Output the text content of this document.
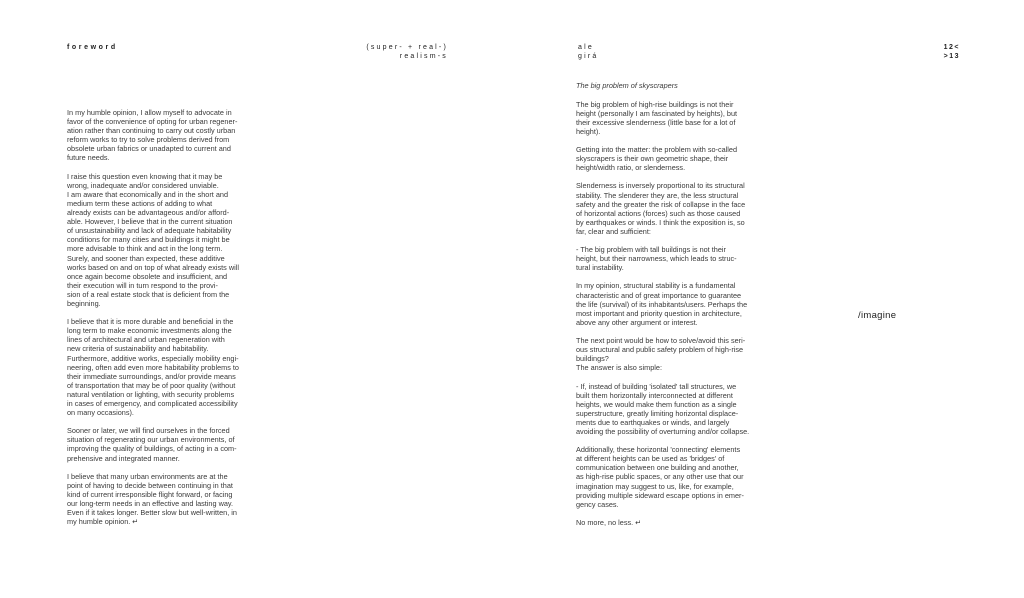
foreword	(super- + real-)
realism-s
ale
girá
12<
>13

In my humble opinion, I allow myself to advocate in
favor of the convenience of opting for urban regener-
ation rather than continuing to carry out costly urban
reform works to try to solve problems derived from
obsolete urban fabrics or unadapted to current and
future needs.

I raise this question even knowing that it may be
wrong, inadequate and/or considered unviable.
I am aware that economically and in the short and
medium term these actions of adding to what
already exists can be advantageous and/or afford-
able. However, I believe that in the current situation
of unsustainability and lack of adequate habitability
conditions for many cities and buildings it might be
more advisable to think and act in the long term.
Surely, and sooner than expected, these additive
works based on and on top of what already exists will
once again become obsolete and insufficient, and
their execution will in turn respond to the provi-
sion of a real estate stock that is deficient from the
beginning.

I believe that it is more durable and beneficial in the
long term to make economic investments along the
lines of architectural and urban regeneration with
new criteria of sustainability and habitability.
Furthermore, additive works, especially mobility engi-
neering, often add even more habitability problems to
their immediate surroundings, and/or provide means
of transportation that may be of poor quality (without
natural ventilation or lighting, with security problems
in cases of emergency, and complicated accessibility
on many occasions).

Sooner or later, we will find ourselves in the forced
situation of regenerating our urban environments, of
improving the quality of buildings, of acting in a com-
prehensive and integrated manner.

I believe that many urban environments are at the
point of having to decide between continuing in that
kind of current irresponsible flight forward, or facing
our long-term needs in an effective and lasting way.
Even if it takes longer. Better slow but well-written, in
my humble opinion. ↵

The big problem of skyscrapers

The big problem of high-rise buildings is not their
height (personally I am fascinated by heights), but
their excessive slenderness (little base for a lot of
height).

Getting into the matter: the problem with so-called
skyscrapers is their own geometric shape, their
height/width ratio, or slenderness.

Slenderness is inversely proportional to its structural
stability. The slenderer they are, the less structural
safety and the greater the risk of collapse in the face
of horizontal actions (forces) such as those caused
by earthquakes or winds. I think the exposition is, so
far, clear and sufficient:

- The big problem with tall buildings is not their
height, but their narrowness, which leads to struc-
tural instability.

In my opinion, structural stability is a fundamental
characteristic and of great importance to guarantee
the life (survival) of its inhabitants/users. Perhaps the
most important and priority question in architecture,
above any other argument or interest.

The next point would be how to solve/avoid this seri-
ous structural and public safety problem of high-rise
buildings?
The answer is also simple:

- If, instead of building 'isolated' tall structures, we
built them horizontally interconnected at different
heights, we would make them function as a single
superstructure, greatly limiting horizontal displace-
ments due to earthquakes or winds, and largely
avoiding the possibility of overturning and/or collapse.

Additionally, these horizontal 'connecting' elements
at different heights can be used as 'bridges' of
communication between one building and another,
as high-rise public spaces, or any other use that our
imagination may suggest to us, like, for example,
providing multiple sideward escape options in emer-
gency cases.

No more, no less. ↵

/imagine
